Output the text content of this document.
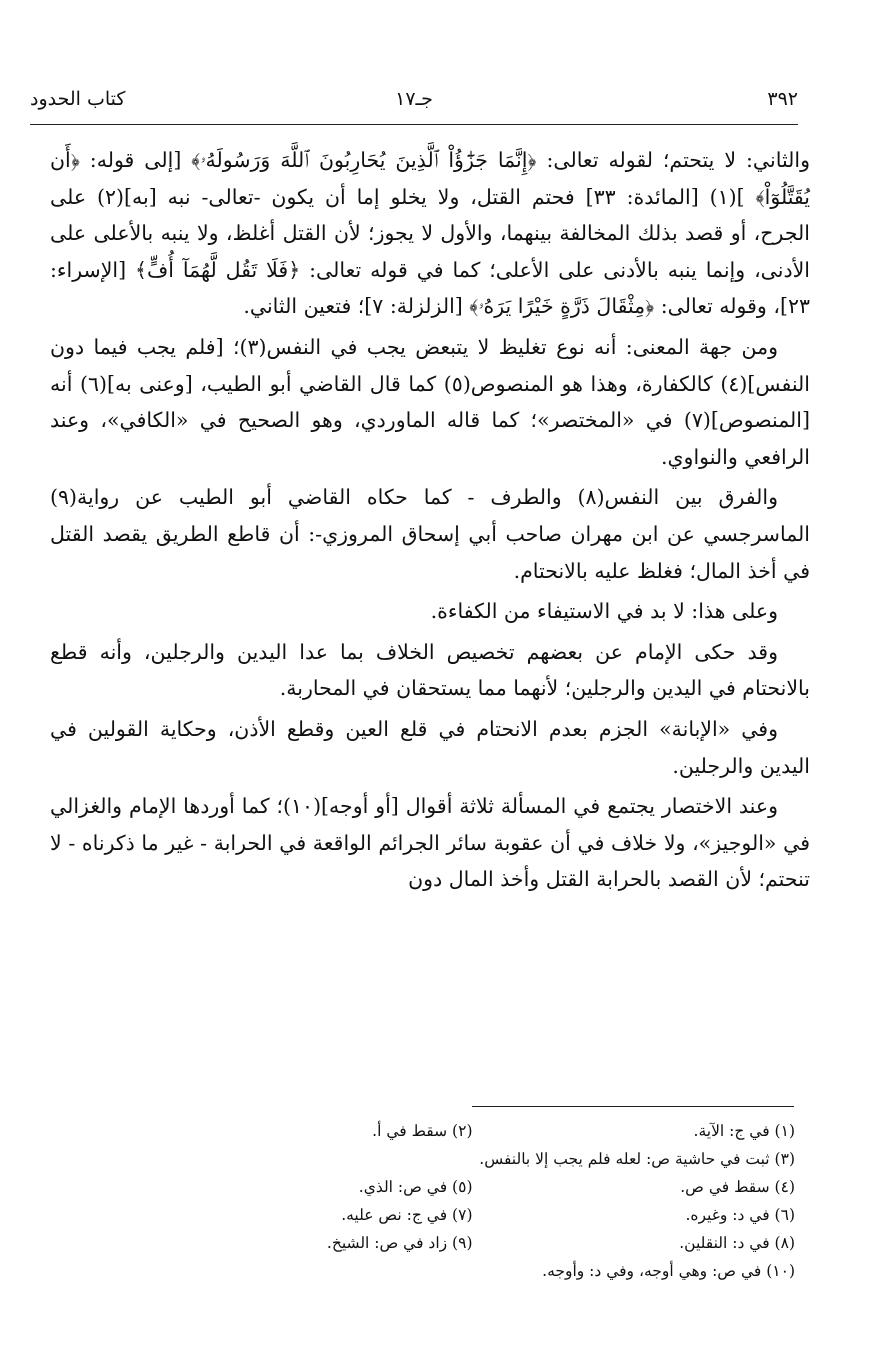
٣٩٢
جـ١٧
كتاب الحدود

والثاني: لا يتحتم؛ لقوله تعالى: ﴿إِنَّمَا جَزَٰٓؤُاْ ٱلَّذِينَ يُحَارِبُونَ ٱللَّهَ وَرَسُولَهُۥ﴾ [إلى قوله: ﴿أَن يُقَتَّلُوٓاْ﴾ ](١) [المائدة: ٣٣] فحتم القتل، ولا يخلو إما أن يكون -تعالى- نبه [به](٢) على الجرح، أو قصد بذلك المخالفة بينهما، والأول لا يجوز؛ لأن القتل أغلظ، ولا ينبه بالأعلى على الأدنى، وإنما ينبه بالأدنى على الأعلى؛ كما في قوله تعالى: ﴿فَلَا تَقُل لَّهُمَآ أُفٍّ﴾ [الإسراء: ٢٣]، وقوله تعالى: ﴿مِثْقَالَ ذَرَّةٍ خَيْرًا يَرَهُۥ﴾ [الزلزلة: ٧]؛ فتعين الثاني.

ومن جهة المعنى: أنه نوع تغليظ لا يتبعض يجب في النفس(٣)؛ [فلم يجب فيما دون النفس](٤) كالكفارة، وهذا هو المنصوص(٥) كما قال القاضي أبو الطيب، [وعنى به](٦) أنه [المنصوص](٧) في «المختصر»؛ كما قاله الماوردي، وهو الصحيح في «الكافي»، وعند الرافعي والنواوي.

والفرق بين النفس(٨) والطرف - كما حكاه القاضي أبو الطيب عن رواية(٩) الماسرجسي عن ابن مهران صاحب أبي إسحاق المروزي-: أن قاطع الطريق يقصد القتل في أخذ المال؛ فغلظ عليه بالانحتام.

وعلى هذا: لا بد في الاستيفاء من الكفاءة.

وقد حكى الإمام عن بعضهم تخصيص الخلاف بما عدا اليدين والرجلين، وأنه قطع بالانحتام في اليدين والرجلين؛ لأنهما مما يستحقان في المحاربة.

وفي «الإبانة» الجزم بعدم الانحتام في قلع العين وقطع الأذن، وحكاية القولين في اليدين والرجلين.

وعند الاختصار يجتمع في المسألة ثلاثة أقوال [أو أوجه](١٠)؛ كما أوردها الإمام والغزالي في «الوجيز»، ولا خلاف في أن عقوبة سائر الجرائم الواقعة في الحرابة - غير ما ذكرناه - لا تنحتم؛ لأن القصد بالحرابة القتل وأخذ المال دون

(١) في ج: الآية.
(٢) سقط في أ.
(٣) ثبت في حاشية ص: لعله فلم يجب إلا بالنفس.
(٤) سقط في ص.
(٥) في ص: الذي.
(٦) في د: وغيره.
(٧) في ج: نص عليه.
(٨) في د: النقلين.
(٩) زاد في ص: الشيخ.
(١٠) في ص: وهي أوجه، وفي د: وأوجه.
